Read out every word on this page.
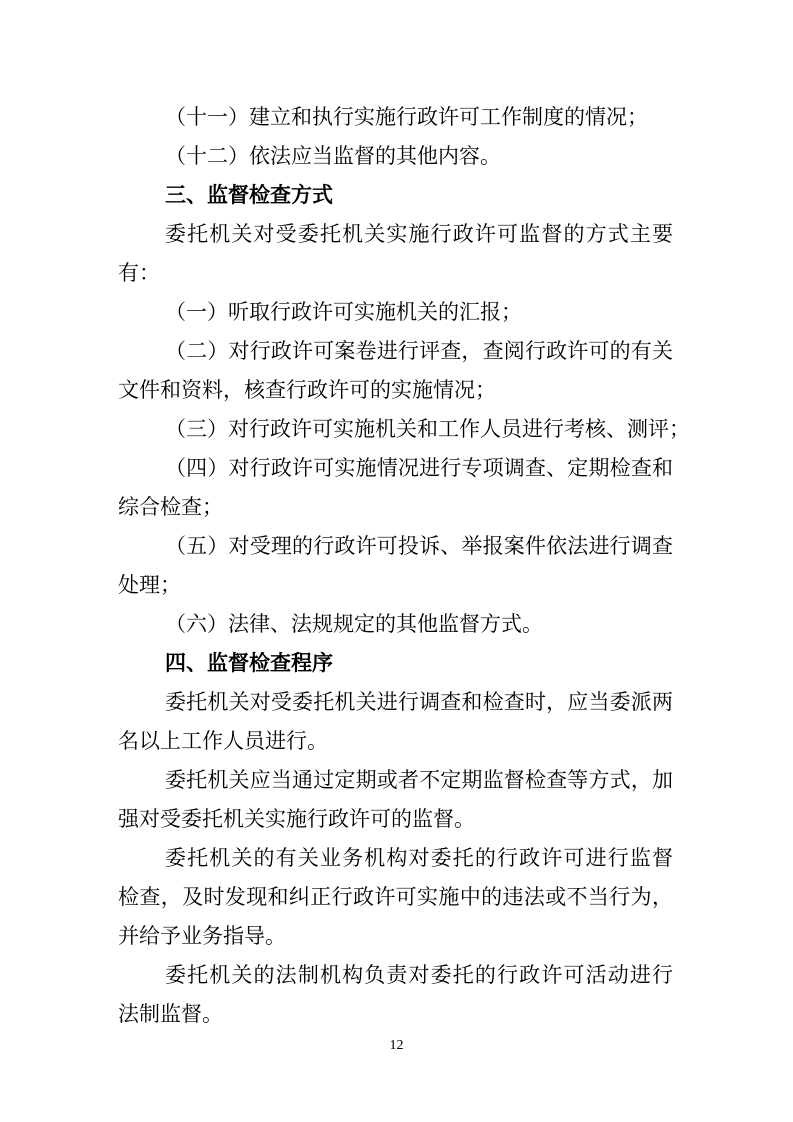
（十一）建立和执行实施行政许可工作制度的情况；
（十二）依法应当监督的其他内容。
三、监督检查方式
委托机关对受委托机关实施行政许可监督的方式主要
有：
（一）听取行政许可实施机关的汇报；
（二）对行政许可案卷进行评查，查阅行政许可的有关
文件和资料，核查行政许可的实施情况；
（三）对行政许可实施机关和工作人员进行考核、测评；
（四）对行政许可实施情况进行专项调查、定期检查和
综合检查；
（五）对受理的行政许可投诉、举报案件依法进行调查
处理；
（六）法律、法规规定的其他监督方式。
四、监督检查程序
委托机关对受委托机关进行调查和检查时，应当委派两
名以上工作人员进行。
委托机关应当通过定期或者不定期监督检查等方式，加
强对受委托机关实施行政许可的监督。
委托机关的有关业务机构对委托的行政许可进行监督
检查，及时发现和纠正行政许可实施中的违法或不当行为，
并给予业务指导。
委托机关的法制机构负责对委托的行政许可活动进行
法制监督。
12
